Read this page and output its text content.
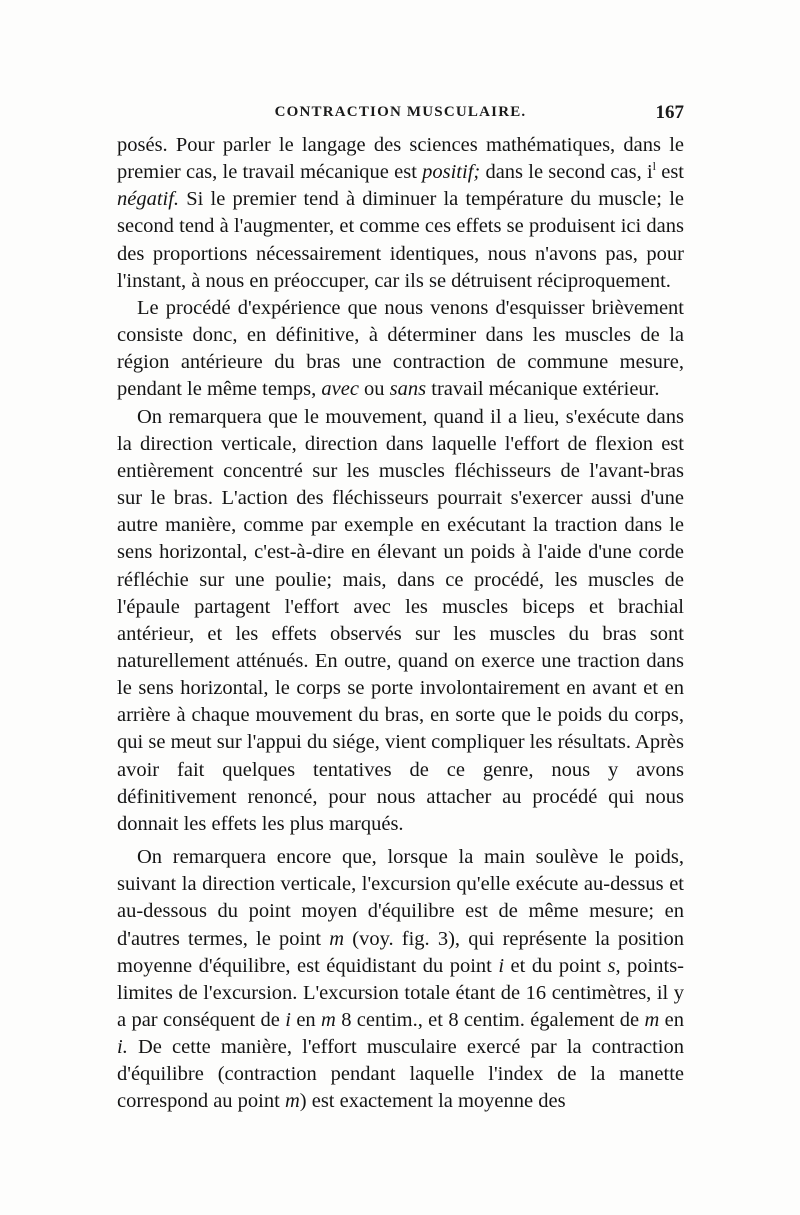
CONTRACTION MUSCULAIRE.	167

posés. Pour parler le langage des sciences mathématiques, dans le premier cas, le travail mécanique est positif; dans le second cas, $i^l$ est négatif. Si le premier tend à diminuer la température du muscle; le second tend à l'augmenter, et comme ces effets se produisent ici dans des proportions nécessairement identiques, nous n'avons pas, pour l'instant, à nous en préoccuper, car ils se détruisent réciproquement.

Le procédé d'expérience que nous venons d'esquisser brièvement consiste donc, en définitive, à déterminer dans les muscles de la région antérieure du bras une contraction de commune mesure, pendant le même temps, avec ou sans travail mécanique extérieur.

On remarquera que le mouvement, quand il a lieu, s'exécute dans la direction verticale, direction dans laquelle l'effort de flexion est entièrement concentré sur les muscles fléchisseurs de l'avant-bras sur le bras. L'action des fléchisseurs pourrait s'exercer aussi d'une autre manière, comme par exemple en exécutant la traction dans le sens horizontal, c'est-à-dire en élevant un poids à l'aide d'une corde réfléchie sur une poulie; mais, dans ce procédé, les muscles de l'épaule partagent l'effort avec les muscles biceps et brachial antérieur, et les effets observés sur les muscles du bras sont naturellement atténués. En outre, quand on exerce une traction dans le sens horizontal, le corps se porte involontairement en avant et en arrière à chaque mouvement du bras, en sorte que le poids du corps, qui se meut sur l'appui du siége, vient compliquer les résultats. Après avoir fait quelques tentatives de ce genre, nous y avons définitivement renoncé, pour nous attacher au procédé qui nous donnait les effets les plus marqués.

On remarquera encore que, lorsque la main soulève le poids, suivant la direction verticale, l'excursion qu'elle exécute au-dessus et au-dessous du point moyen d'équilibre est de même mesure; en d'autres termes, le point m (voy. fig. 3), qui représente la position moyenne d'équilibre, est équidistant du point i et du point s, points-limites de l'excursion. L'excursion totale étant de 16 centimètres, il y a par conséquent de i en m 8 centim., et 8 centim. également de m en i. De cette manière, l'effort musculaire exercé par la contraction d'équilibre (contraction pendant laquelle l'index de la manette correspond au point m) est exactement la moyenne des
